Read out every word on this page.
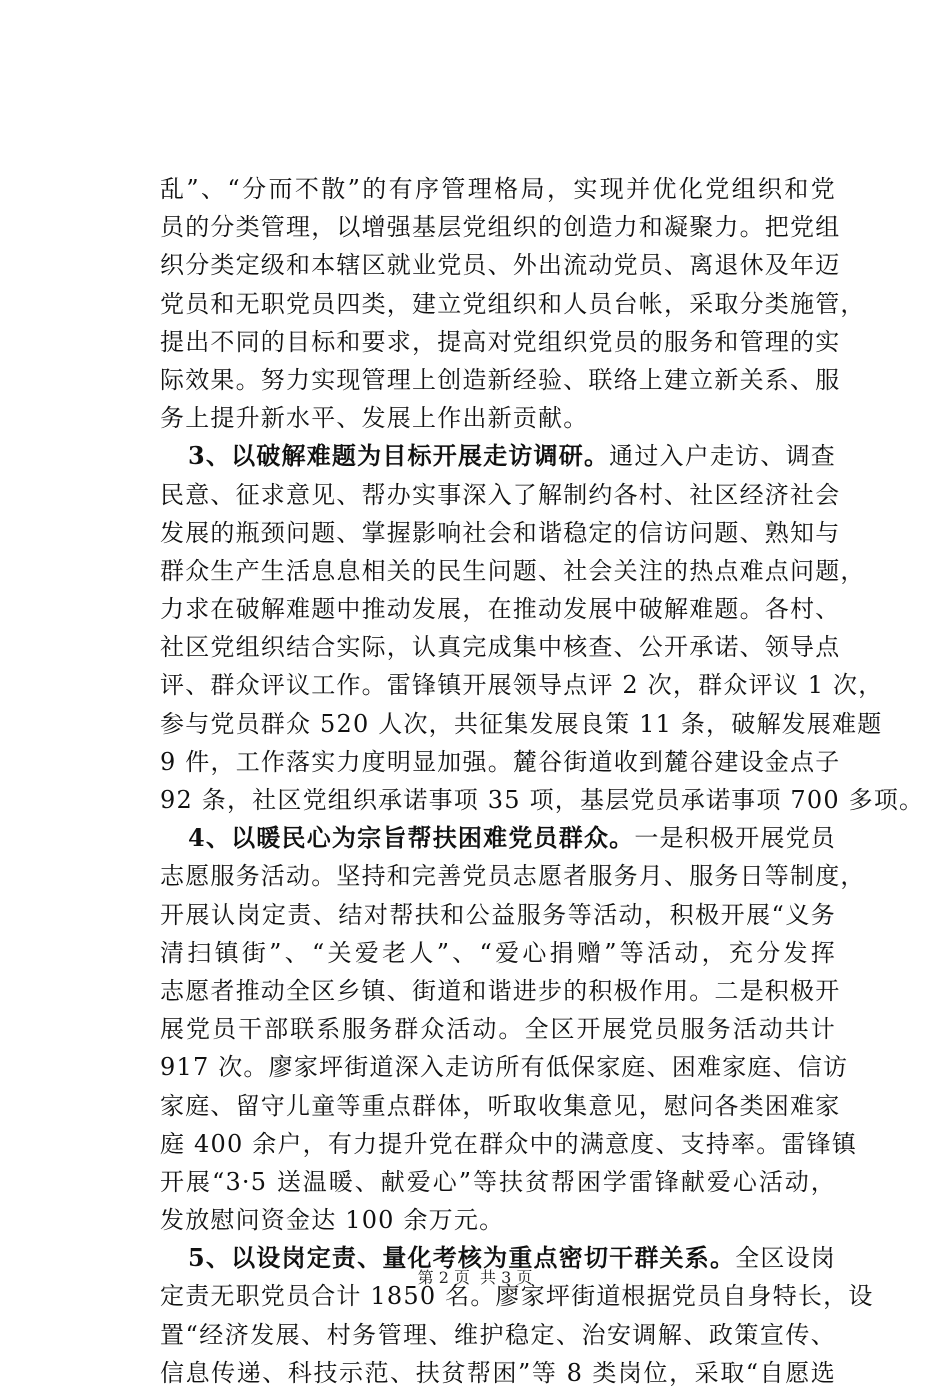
乱”、“分而不散”的有序管理格局，实现并优化党组织和党
员的分类管理，以增强基层党组织的创造力和凝聚力。把党组
织分类定级和本辖区就业党员、外出流动党员、离退休及年迈
党员和无职党员四类，建立党组织和人员台帐，采取分类施管，
提出不同的目标和要求，提高对党组织党员的服务和管理的实
际效果。努力实现管理上创造新经验、联络上建立新关系、服
务上提升新水平、发展上作出新贡献。
3、以破解难题为目标开展走访调研。通过入户走访、调查
民意、征求意见、帮办实事深入了解制约各村、社区经济社会
发展的瓶颈问题、掌握影响社会和谐稳定的信访问题、熟知与
群众生产生活息息相关的民生问题、社会关注的热点难点问题，
力求在破解难题中推动发展，在推动发展中破解难题。各村、
社区党组织结合实际，认真完成集中核查、公开承诺、领导点
评、群众评议工作。雷锋镇开展领导点评 2 次，群众评议 1 次，
参与党员群众 520 人次，共征集发展良策 11 条，破解发展难题
9 件，工作落实力度明显加强。麓谷街道收到麓谷建设金点子
92 条，社区党组织承诺事项 35 项，基层党员承诺事项 700 多项。
4、以暖民心为宗旨帮扶困难党员群众。一是积极开展党员
志愿服务活动。坚持和完善党员志愿者服务月、服务日等制度，
开展认岗定责、结对帮扶和公益服务等活动，积极开展“义务
清扫镇街”、“关爱老人”、“爱心捐赠”等活动，充分发挥
志愿者推动全区乡镇、街道和谐进步的积极作用。二是积极开
展党员干部联系服务群众活动。全区开展党员服务活动共计
917 次。廖家坪街道深入走访所有低保家庭、困难家庭、信访
家庭、留守儿童等重点群体，听取收集意见，慰问各类困难家
庭 400 余户，有力提升党在群众中的满意度、支持率。雷锋镇
开展“3·5 送温暖、献爱心”等扶贫帮困学雷锋献爱心活动，
发放慰问资金达 100 余万元。
5、以设岗定责、量化考核为重点密切干群关系。全区设岗
定责无职党员合计 1850 名。廖家坪街道根据党员自身特长，设
置“经济发展、村务管理、维护稳定、治安调解、政策宣传、
信息传递、科技示范、扶贫帮困”等 8 类岗位，采取“自愿选
第 2 页 共 3 页
